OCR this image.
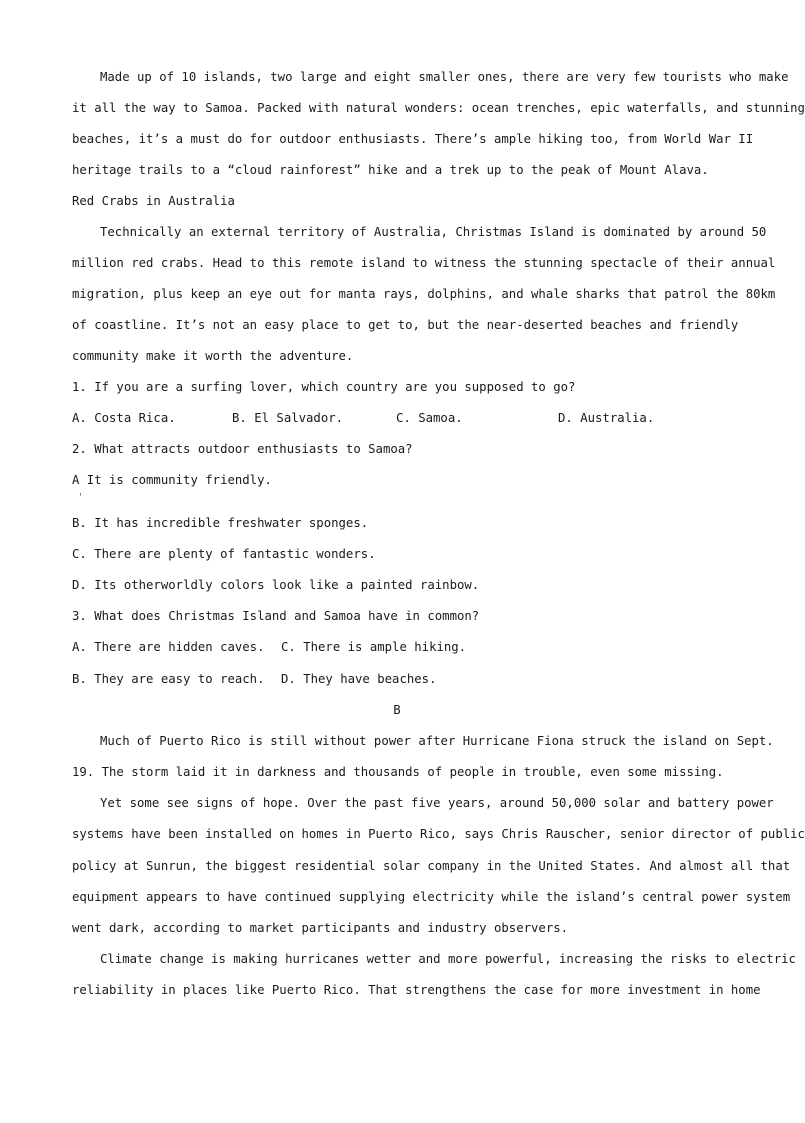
Made up of 10 islands, two large and eight smaller ones, there are very few tourists who make
it all the way to Samoa. Packed with natural wonders: ocean trenches, epic waterfalls, and stunning
beaches, it’s a must do for outdoor enthusiasts. There’s ample hiking too, from World War II
heritage trails to a “cloud rainforest” hike and a trek up to the peak of Mount Alava.
Red Crabs in Australia
Technically an external territory of Australia, Christmas Island is dominated by around 50
million red crabs. Head to this remote island to witness the stunning spectacle of their annual
migration, plus keep an eye out for manta rays, dolphins, and whale sharks that patrol the 80km
of coastline. It’s not an easy place to get to, but the near-deserted beaches and friendly
community make it worth the adventure.
1. If you are a surfing lover, which country are you supposed to go?
A. Costa Rica.	B. El Salvador.	C. Samoa.	D. Australia.
2. What attracts outdoor enthusiasts to Samoa?
A It is community friendly.
ˈ
B. It has incredible freshwater sponges.
C. There are plenty of fantastic wonders.
D. Its otherworldly colors look like a painted rainbow.
3. What does Christmas Island and Samoa have in common?
A. There are hidden caves. C. There is ample hiking.
B. They are easy to reach. D. They have beaches.
B
Much of Puerto Rico is still without power after Hurricane Fiona struck the island on Sept.
19. The storm laid it in darkness and thousands of people in trouble, even some missing.
Yet some see signs of hope. Over the past five years, around 50,000 solar and battery power
systems have been installed on homes in Puerto Rico, says Chris Rauscher, senior director of public
policy at Sunrun, the biggest residential solar company in the United States. And almost all that
equipment appears to have continued supplying electricity while the island’s central power system
went dark, according to market participants and industry observers.
Climate change is making hurricanes wetter and more powerful, increasing the risks to electric
reliability in places like Puerto Rico. That strengthens the case for more investment in home
